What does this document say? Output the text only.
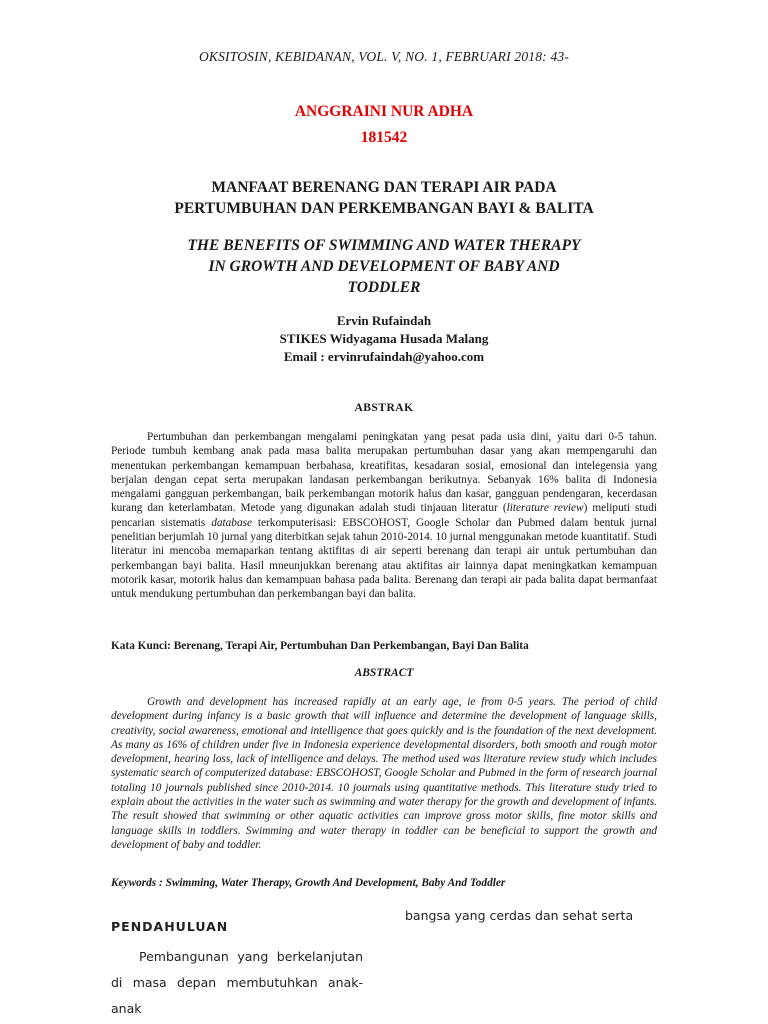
OKSITOSIN, KEBIDANAN, VOL. V, NO. 1, FEBRUARI 2018: 43-
ANGGRAINI NUR ADHA
181542
MANFAAT BERENANG DAN TERAPI AIR PADA
PERTUMBUHAN DAN PERKEMBANGAN BAYI & BALITA
THE BENEFITS OF SWIMMING AND WATER THERAPY
IN GROWTH AND DEVELOPMENT OF BABY AND
TODDLER
Ervin Rufaindah
STIKES Widyagama Husada Malang
Email : ervinrufaindah@yahoo.com
ABSTRAK

Pertumbuhan dan perkembangan mengalami peningkatan yang pesat pada usia dini, yaitu dari 0-5 tahun. Periode tumbuh kembang anak pada masa balita merupakan pertumbuhan dasar yang akan mempengaruhi dan menentukan perkembangan kemampuan berbahasa, kreatifitas, kesadaran sosial, emosional dan intelegensia yang berjalan dengan cepat serta merupakan landasan perkembangan berikutnya. Sebanyak 16% balita di Indonesia mengalami gangguan perkembangan, baik perkembangan motorik halus dan kasar, gangguan pendengaran, kecerdasan kurang dan keterlambatan. Metode yang digunakan adalah studi tinjauan literatur (literature review) meliputi studi pencarian sistematis database terkomputerisasi: EBSCOHOST, Google Scholar dan Pubmed dalam bentuk jurnal penelitian berjumlah 10 jurnal yang diterbitkan sejak tahun 2010-2014. 10 jurnal menggunakan metode kuantitatif. Studi literatur ini mencoba memaparkan tentang aktifitas di air seperti berenang dan terapi air untuk pertumbuhan dan perkembangan bayi balita. Hasil mneunjukkan berenang atau aktifitas air lainnya dapat meningkatkan kemampuan motorik kasar, motorik halus dan kemampuan bahasa pada balita. Berenang dan terapi air pada balita dapat bermanfaat untuk mendukung pertumbuhan dan perkembangan bayi dan balita.

Kata Kunci: Berenang, Terapi Air, Pertumbuhan Dan Perkembangan, Bayi Dan Balita

ABSTRACT

Growth and development has increased rapidly at an early age, ie from 0-5 years. The period of child development during infancy is a basic growth that will influence and determine the development of language skills, creativity, social awareness, emotional and intelligence that goes quickly and is the foundation of the next development. As many as 16% of children under five in Indonesia experience developmental disorders, both smooth and rough motor development, hearing loss, lack of intelligence and delays. The method used was literature review study which includes systematic search of computerized database: EBSCOHOST, Google Scholar and Pubmed in the form of research journal totaling 10 journals published since 2010-2014. 10 journals using quantitative methods. This literature study tried to explain about the activities in the water such as swimming and water therapy for the growth and development of infants. The result showed that swimming or other aquatic activities can improve gross motor skills, fine motor skills and language skills in toddlers. Swimming and water therapy in toddler can be beneficial to support the growth and development of baby and toddler.

Keywords : Swimming, Water Therapy, Growth And Development, Baby And Toddler

PENDAHULUAN

Pembangunan yang berkelanjutan di masa depan membutuhkan anak-anak

bangsa yang cerdas dan sehat serta
